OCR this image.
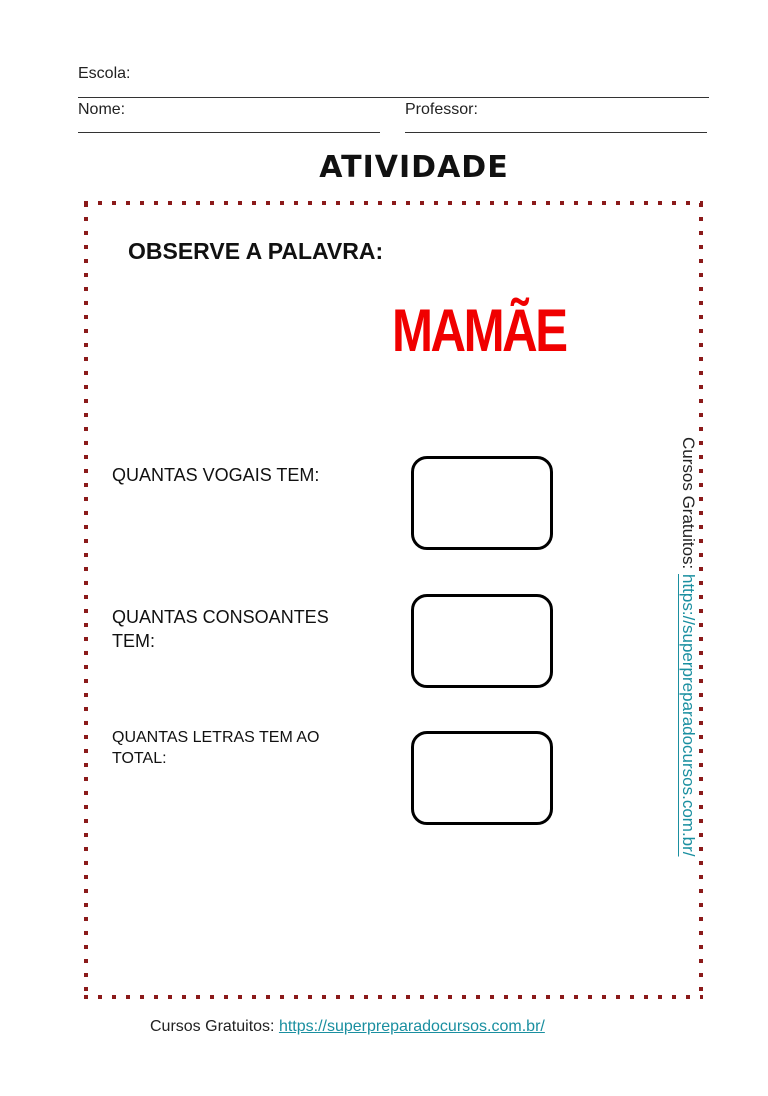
Escola:
Nome:	Professor:
ATIVIDADE
OBSERVE A PALAVRA:
MAMÃE
QUANTAS VOGAIS TEM:
QUANTAS CONSOANTES TEM:
QUANTAS LETRAS TEM AO TOTAL:
Cursos Gratuitos: https://superpreparadocursos.com.br/
Cursos Gratuitos: https://superpreparadocursos.com.br/
